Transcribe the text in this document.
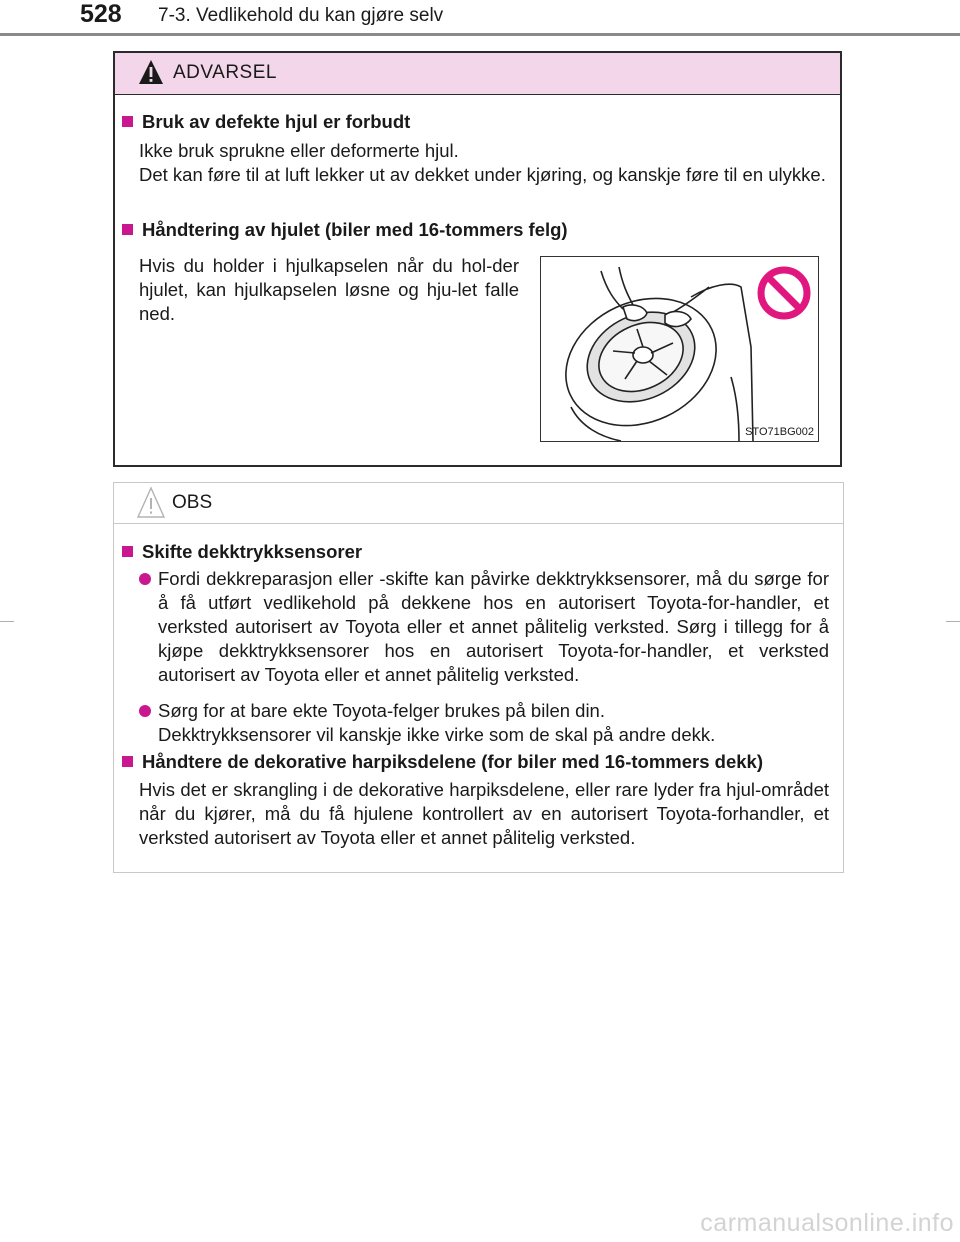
528 7-3. Vedlikehold du kan gjøre selv
ADVARSEL
Bruk av defekte hjul er forbudt
Ikke bruk sprukne eller deformerte hjul.
Det kan føre til at luft lekker ut av dekket under kjøring, og kanskje føre til en ulykke.
Håndtering av hjulet (biler med 16-tommers felg)
Hvis du holder i hjulkapselen når du hol-der hjulet, kan hjulkapselen løsne og hju-let falle ned.
STO71BG002
OBS
Skifte dekktrykksensorer
Fordi dekkreparasjon eller -skifte kan påvirke dekktrykksensorer, må du sørge for å få utført vedlikehold på dekkene hos en autorisert Toyota-for-handler, et verksted autorisert av Toyota eller et annet pålitelig verksted. Sørg i tillegg for å kjøpe dekktrykksensorer hos en autorisert Toyota-for-handler, et verksted autorisert av Toyota eller et annet pålitelig verksted.
Sørg for at bare ekte Toyota-felger brukes på bilen din.
Dekktrykksensorer vil kanskje ikke virke som de skal på andre dekk.
Håndtere de dekorative harpiksdelene (for biler med 16-tommers dekk)
Hvis det er skrangling i de dekorative harpiksdelene, eller rare lyder fra hjul-området når du kjører, må du få hjulene kontrollert av en autorisert Toyota-forhandler, et verksted autorisert av Toyota eller et annet pålitelig verksted.
carmanualsonline.info
